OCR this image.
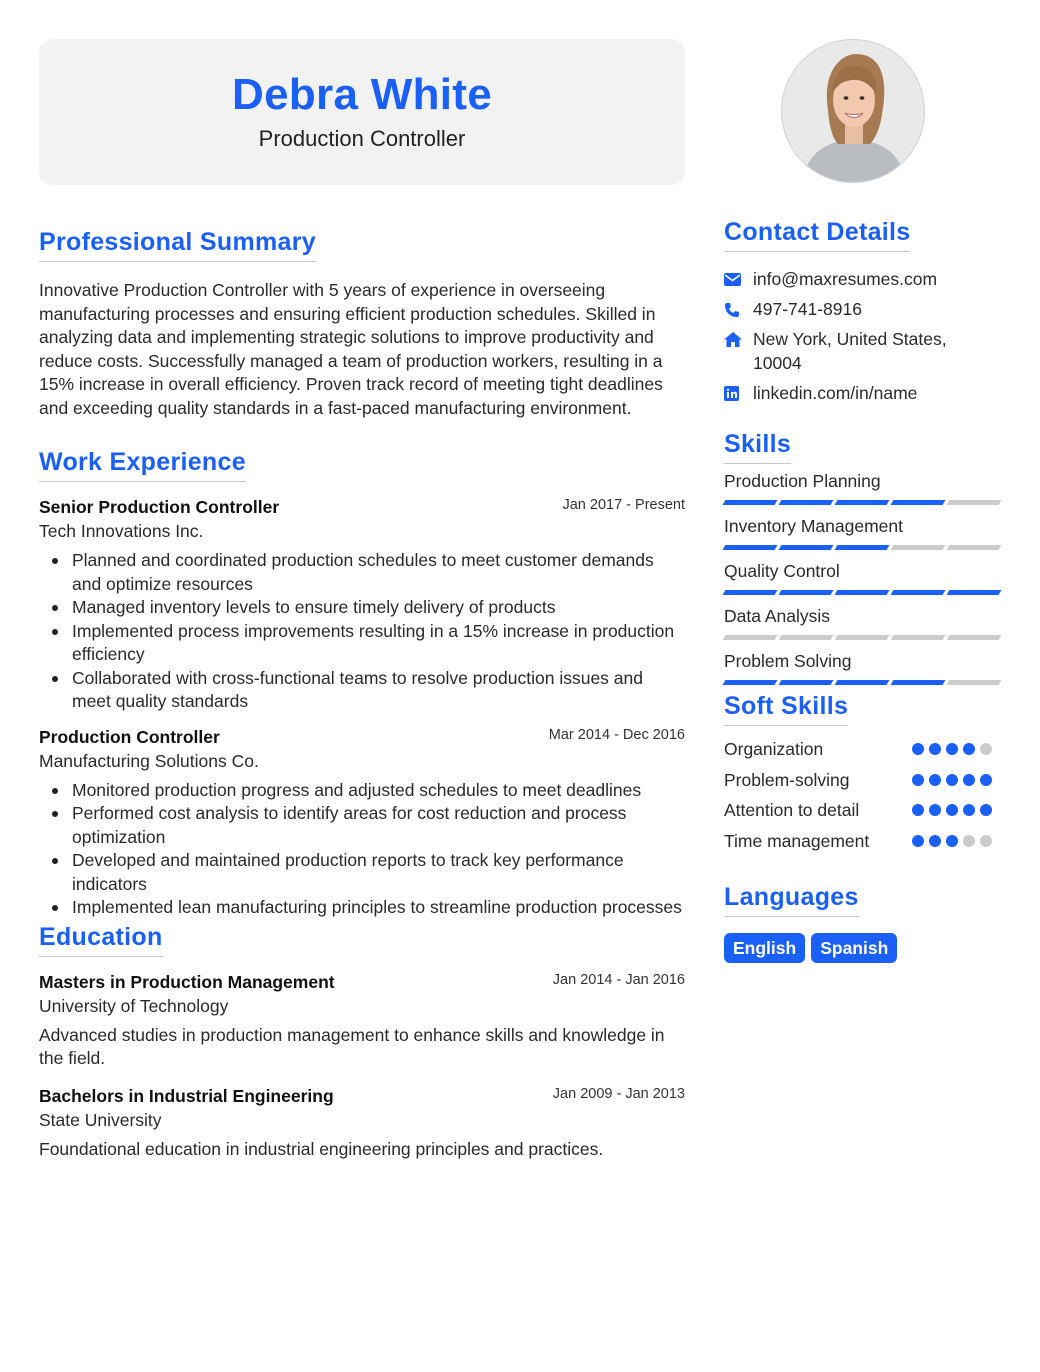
Debra White
Production Controller
Professional Summary

Innovative Production Controller with 5 years of experience in overseeing manufacturing processes and ensuring efficient production schedules. Skilled in analyzing data and implementing strategic solutions to improve productivity and reduce costs. Successfully managed a team of production workers, resulting in a 15% increase in overall efficiency. Proven track record of meeting tight deadlines and exceeding quality standards in a fast-paced manufacturing environment.

Work Experience
Senior Production Controller	Jan 2017 - Present
Tech Innovations Inc.
Planned and coordinated production schedules to meet customer demands and optimize resources
Managed inventory levels to ensure timely delivery of products
Implemented process improvements resulting in a 15% increase in production efficiency
Collaborated with cross-functional teams to resolve production issues and meet quality standards
Production Controller	Mar 2014 - Dec 2016
Manufacturing Solutions Co.
Monitored production progress and adjusted schedules to meet deadlines
Performed cost analysis to identify areas for cost reduction and process optimization
Developed and maintained production reports to track key performance indicators
Implemented lean manufacturing principles to streamline production processes
Education
Masters in Production Management	Jan 2014 - Jan 2016
University of Technology

Advanced studies in production management to enhance skills and knowledge in the field.

Bachelors in Industrial Engineering	Jan 2009 - Jan 2013
State University

Foundational education in industrial engineering principles and practices.

Contact Details
info@maxresumes.com
497-741-8916
New York, United States, 10004
linkedin.com/in/name
Skills
Production Planning
Inventory Management
Quality Control
Data Analysis
Problem Solving
Soft Skills
Organization
Problem-solving
Attention to detail
Time management
Languages
English	Spanish
